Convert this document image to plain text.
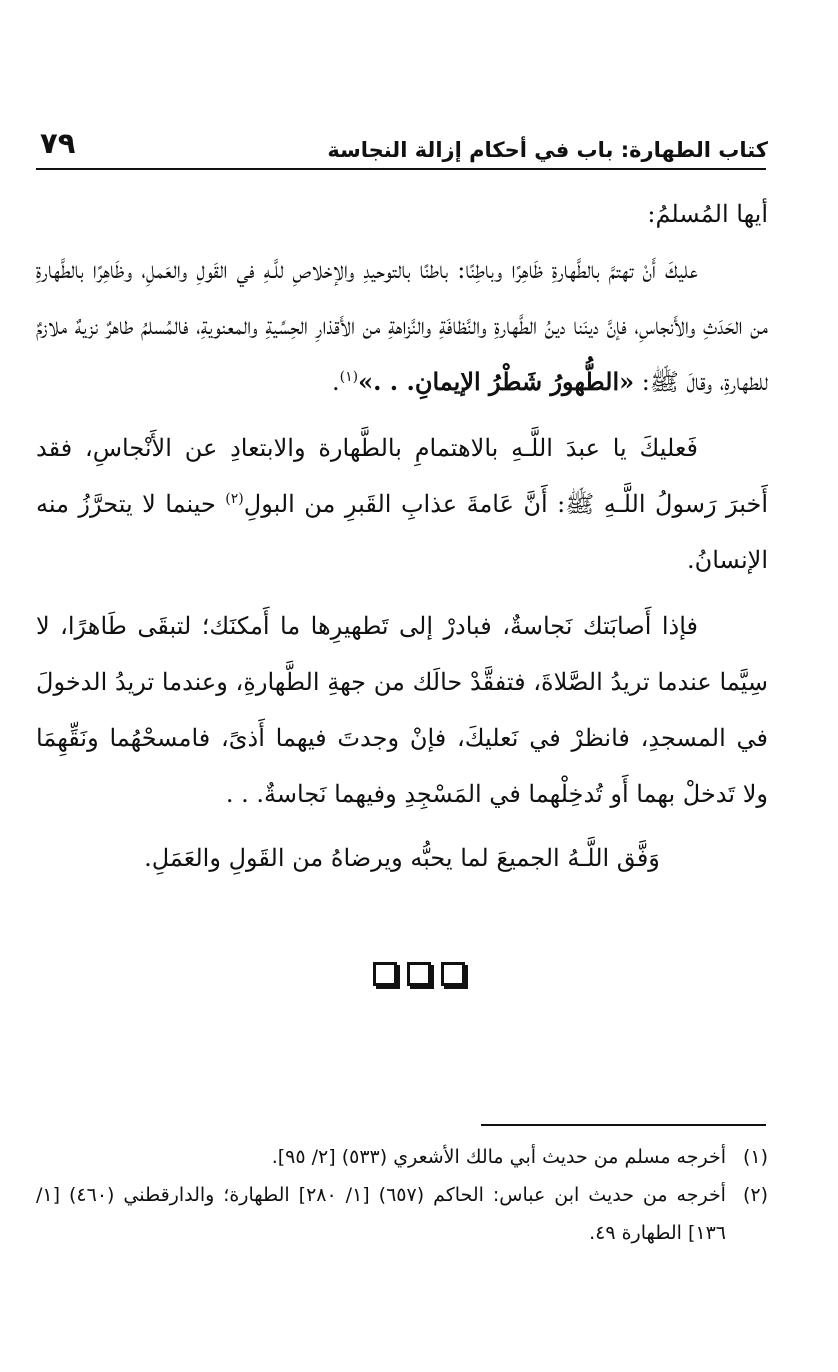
كتاب الطهارة: باب في أحكام إزالة النجاسة
٧٩

أيها المُسلمُ:

عليكَ أَنْ تهتمَّ بالطَّهارةِ ظَاهِرًا وباطِنًا: باطنًا بالتوحيدِ والإخلاصِ للَّـهِ في القَولِ والعَملِ، وظَاهِرًا بالطَّهارةِ من الحَدَثِ والأَنجاسِ، فإنَّ دينَنا دينُ الطَّهارةِ والنَّظافَةِ والنَّزاهةِ من الأَقذارِ الحِسِّيةِ والمعنويةِ، فالمُسلمُ طاهرٌ نزيهٌ ملازمٌ للطهارةِ، وقالَ ﷺ: «الطُّهورُ شَطْرُ الإيمانِ. . .»$^{(١)}$.

فَعليكَ يا عبدَ اللَّـهِ بالاهتمامِ بالطَّهارة والابتعادِ عن الأَنْجاسِ، فقد أَخبرَ رَسولُ اللَّـهِ ﷺ: أَنَّ عَامةَ عذابِ القَبرِ من البولِ$^{(٢)}$ حينما لا يتحرَّزُ منه الإنسانُ.

فإذا أَصابَتك نَجاسةٌ، فبادرْ إلى تَطهيرِها ما أَمكنَك؛ لتبقَى طَاهرًا، لا سِيَّما عندما تريدُ الصَّلاةَ، فتفقَّدْ حالَك من جهةِ الطَّهارةِ، وعندما تريدُ الدخولَ في المسجدِ، فانظرْ في نَعليكَ، فإنْ وجدتَ فيهما أَذىً، فامسحْهُما ونَقِّهِمَا ولا تَدخلْ بهما أَو تُدخِلْهما في المَسْجِدِ وفيهما نَجاسةٌ. . .

وَفَّق اللَّـهُ الجميعَ لما يحبُّه ويرضاهُ من القَولِ والعَمَلِ.

(١)
أخرجه مسلم من حديث أبي مالك الأشعري (٥٣٣) [٢/ ٩٥].
(٢)
أخرجه من حديث ابن عباس: الحاكم (٦٥٧) [١/ ٢٨٠] الطهارة؛ والدارقطني (٤٦٠) [١/ ١٣٦] الطهارة ٤٩.
